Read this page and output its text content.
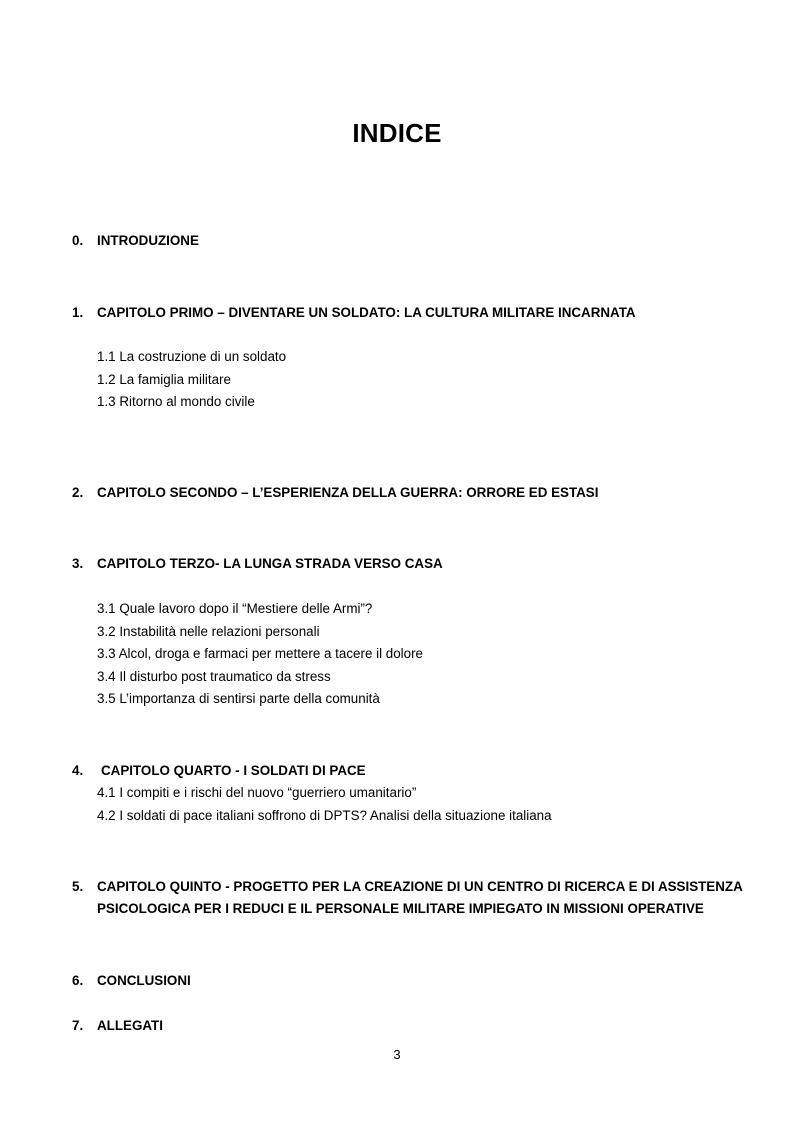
INDICE
0.	INTRODUZIONE
1.	CAPITOLO PRIMO – DIVENTARE UN SOLDATO: LA CULTURA MILITARE INCARNATA
1.1 La costruzione di un soldato
1.2 La famiglia militare
1.3 Ritorno al mondo civile
2.	CAPITOLO SECONDO – L’ESPERIENZA DELLA GUERRA: ORRORE ED ESTASI
3.	CAPITOLO TERZO- LA LUNGA STRADA VERSO CASA
3.1 Quale lavoro dopo il “Mestiere delle Armi”?
3.2 Instabilità nelle relazioni personali
3.3 Alcol, droga e farmaci per mettere a tacere il dolore
3.4 Il disturbo post traumatico da stress
3.5 L’importanza di sentirsi parte della comunità
4.	CAPITOLO QUARTO - I SOLDATI DI PACE
4.1 I compiti e i rischi del nuovo “guerriero umanitario”
4.2 I soldati di pace italiani soffrono di DPTS? Analisi della situazione italiana
5.	CAPITOLO QUINTO - PROGETTO PER LA CREAZIONE DI UN CENTRO DI RICERCA E DI ASSISTENZA PSICOLOGICA PER I REDUCI E IL PERSONALE MILITARE IMPIEGATO IN MISSIONI OPERATIVE
6.	CONCLUSIONI
7.	ALLEGATI
3
